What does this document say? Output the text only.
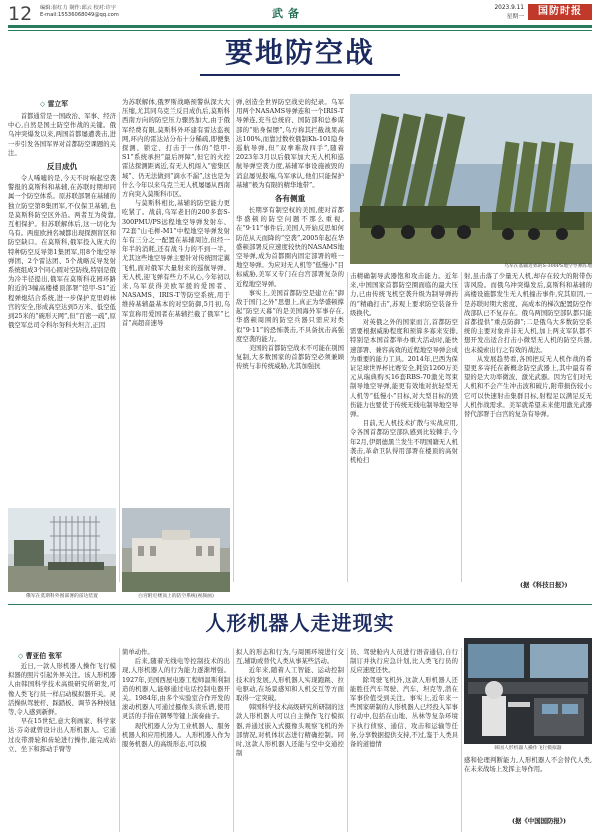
12 编辑:崔红力 制作:邱云 校对:许宇
E-mail:15536068049@qq.com	武备	2023.9.11
星期一	国防时报
要地防空战
◇ 雷立军

首都通常是一国政治、军事、经济中心,自然是国土防空作战的关键。俄乌冲突爆发以来,两国首都屡遭袭击,进一步引发各国军界对首都防空课题的关注。

反目成仇

令人唏嘘的是,今天不时响起空袭警报的莫斯科和基辅,在苏联时期却同属一个防空体系。原苏联部署在基辅的独立防空第8集团军,不仅保卫基辅,也是莫斯科防空区外沿。两者互为倚靠,互相保护。但苏联解体后,这一切化为乌有。两座欧洲名城都出现探测盲区和防空缺口。在莫斯科,俄军投入庞大的特种防空反导第1集团军,用8个地空导弹团、2个雷达团、5个战略反导发射系统组成3个同心圆对空防线,特别是俄为冷半径提出,俄军在莫斯科花园环路附近的3幢高楼楼顶部署“铠甲-S1”近程弹炮结合系统,进一步保护克里姆林宫的安全,形成高空达到5万米、低空低到25米的“碗形天网”,但“百密一疏”,原俄空军总司令科尔努科夫坦言,正因

为苏联解体,俄罗斯战略预警纵深大大压缩,尤其同乌克兰反目成仇后,莫斯科西南方向的防空压力骤然加大,由于俄军经费有限,莫斯科外环建有雷达监视网,环内的雷达站分布十分稀疏,即便集探测、锁定、打击于一体的“铠甲-S1”系统承担“最后屏障”,但它的火控雷达探测距离近,有无人机闯入“密集区域”、仍无法做到“滴水不漏”,这也是为什么今年以来乌克兰无人机屡屡从西南方向突入莫斯科市区。

与莫斯科相比,基辅的防空能力更吃紧了。战前,乌军老旧的200多套S-300PMU/PS远程地空导弹发射车、72套“山毛榉-M1”中程地空导弹发射车有三分之一配置在基辅周边,但经一年半的消耗,还有战斗力的不到一半。尤其这些地空导弹主要针对传统固定翼飞机,面对俄军大量射来的巡航导弹、无人机,迎飞弹有些力不从心,今年初以来,乌军获得美欧军援的爱国者、NASAMS、IRIS-T等防空系统,用于维持基辅最基本的对空防御,5月初,乌军宣称用爱国者在基辅拦截了俄军“匕首”高超音速导

弹,创造全世界防空战史的纪录。乌军用两个NASAMS导弹连和一个IRIS-T导弹连,充当总统府、国防部和总参谋部的“贴身保镖”,乌方称其拦截战果高达100%,而靠过数枚俄制Kh-101隐身巡航导弹,但“双拳难敌四手”,随着2023年3月以后俄军加大无人机和巡航导弹空袭力度,基辅军事设施被毁的消息屡见报端,乌军承认,他们只能保护基辅“极为有限的精华地带”。

各有侧重

长期享有制空权的美国,使对首都华盛顿的防空问题不那么重视,在“9·11”事件后,美国人开始反思如何防范从天而降的“空袭”,2005年起在华盛顿部署反应速度较快的NASAMS地空导弹,成为首都圈内固定部署的唯一地空导弹。为应对无人机等“低慢小”目标威胁,美军又专门在白宫部署复杂的近程地空导弹。

事实上,美国首都防空是建立在“御敌于国门之外”思想上,真正为华盛顿撑起“防空天幕”的是美国海外军事存在,华盛顿周围的防空兵器只需应对类似“9·11”的恐怖袭击,不具备抗击高强度空袭的能力。

美国的首都防空战术不可能在别国复制,大多数国家的首都防空必须兼顾传统与非传统威胁,尤其加强抗

击精确制导武器饱和攻击能力。近年来,中国国家首都防空圈面临的最大压力,已由传统飞机空袭升级为制导弹药的“精确打击”,苏观上要求防空装备升级换代。

对英俄之外的国家而言,首都防空需要根据威胁程度和预算多寡来安排,特别是本国首都举办重大活动时,能快速部署、兼容高效的近程地空导弹会成为重要的能力工具。2014年,巴西为保证足球世界杯比赛安全,耗资1260万美元从瑞典购买16套RBS-70激光驾束制导地空导弹,能更有效地对抗轻型无人机等“低慢小”目标,对大型目标的毁伤能力也要优于传统无线电制导地空导弹。

目前,无人机技术扩散与实战应用,令各国首都防空部队感到比较棘手,今年2月,伊朗德黑兰发生不明国籍无人机袭击,革命卫队得用部署在楼顶的高射机枪扫

射,虽击落了少量无人机,却存在较大的附带伤害风险。而俄乌冲突爆发后,莫斯科和基辅的高楼设施都发生无人机撞击事件,究其原因,一是苏联时期大密度、高成本的梯次配置防空作战部队已不复存在。俄乌两国防空部队都只能首都提供“重点防御”;二是俄乌大多数防空系统的主要对象并非无人机,加上两支军队都不想开发出适合打击小微型无人机的防空兵器,也未摸索出行之有效的战法。

从发展趋势看,各国把反无人机作战的希望更多寄托在新概念防空武器上,其中最有希望的是大功率微波、激光武器。因为它们对无人机和不会产生冲击波和破片,附带损伤较小;它可以快速射击集群目标,射程足以满足反无人机作战需求。美军就希望未来使用激光武器替代部署于白宫的复杂有导弹。

(据《科技日报》)
俄军在莫斯科外围部署的雷达装置	白宫附近楼顶上的防空系统(视频画)
乌军在基辅近郊的S-300PS地空导弹阵地
人形机器人走进现实
◇ 曹亚伯 张军

近日,一款人形机器人操作飞行模拟器的照片引起外界关注。该人形机器人由韩国科学技术高级研究所研发,可像人类飞行员一样启动模拟器开关。灵活操纵驾驶杆、踩踏板、调节各种按钮等,令人感到新鲜。

早在15世纪,意大利画家、科学家达·芬奇就曾设计出人形机器人。它通过皮带滑轮和齿轮进行操作,能完成站立、坐下和挥动手臂等

简单动作。

后来,随着无线电等控制技术的出现,人形机器人的行为能力逐渐增强。1927年,美国西屋电器工程师温斯利制造的机器人,能够通过电话控制电器开关。1984年,由多个实验室合作开发的滚动机器人可通过摄像头读乐谱,使用灵活的手指在钢琴等键上演奏曲子。

现代机器人分为工业机器人、服务机器人和应用机器人。人形机器人作为服务机器人的高级形态,可以模

拟人的形态和行为,与周围环境进行交互,辅助或替代人类从事某些活动。

近年来,随着人工智能、运动控制技术的发展,人形机器人实现跑跳、拉电驱动,在场景感知和人机交互等方面取得一定突破。

韩国科学技术高级研究所研制的这款人形机器人可以自主操作飞行模拟器,并通过嵌入式摄像头观察飞机的外部情况,对机体状态进行精确控制。同时,这款人形机器人还能与空中交通控制

员、驾驶舱内人员进行语音通信,自行制订并执行应急计划,比人类飞行员的反应速度还快。

除驾驶飞机外,这款人形机器人还能胜任汽车驾驶、汽车、坦克等,潜在军事价值受到关注。事实上,近年来一些国家研制的人形机器人已经投入军事行动中,包括在山地、丛林等复杂环境下执行侦察、通信、攻击和运输等任务,分享数据提供支持,不过,鉴于人类具备的道德情

韩国人形机器人操作飞行模拟器

感和伦理判断能力,人形机器人不会替代人类,在未来战场上发挥主导作用。

(据《中国国防报》)
